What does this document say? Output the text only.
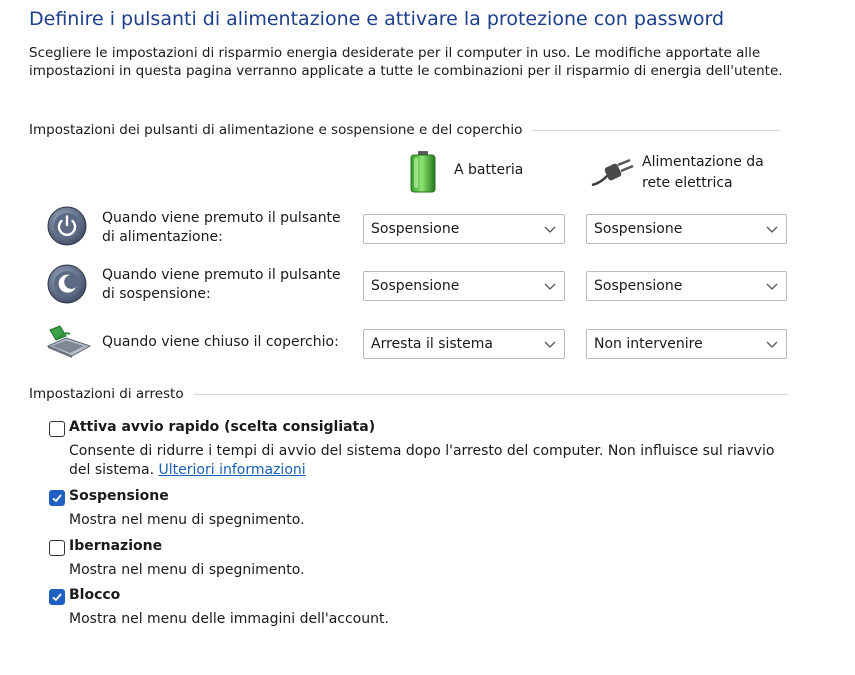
Definire i pulsanti di alimentazione e attivare la protezione con password
Scegliere le impostazioni di risparmio energia desiderate per il computer in uso. Le modifiche apportate alle impostazioni in questa pagina verranno applicate a tutte le combinazioni per il risparmio di energia dell'utente.
Impostazioni dei pulsanti di alimentazione e sospensione e del coperchio
A batteria	Alimentazione da
rete elettrica
Quando viene premuto il pulsante
di alimentazione:	Sospensione	Sospensione
Quando viene premuto il pulsante
di sospensione:	Sospensione	Sospensione
Quando viene chiuso il coperchio:	Arresta il sistema	Non intervenire
Impostazioni di arresto
Attiva avvio rapido (scelta consigliata)
Consente di ridurre i tempi di avvio del sistema dopo l'arresto del computer. Non influisce sul riavvio
del sistema. Ulteriori informazioni
Sospensione
Mostra nel menu di spegnimento.
Ibernazione
Mostra nel menu di spegnimento.
Blocco
Mostra nel menu delle immagini dell'account.
